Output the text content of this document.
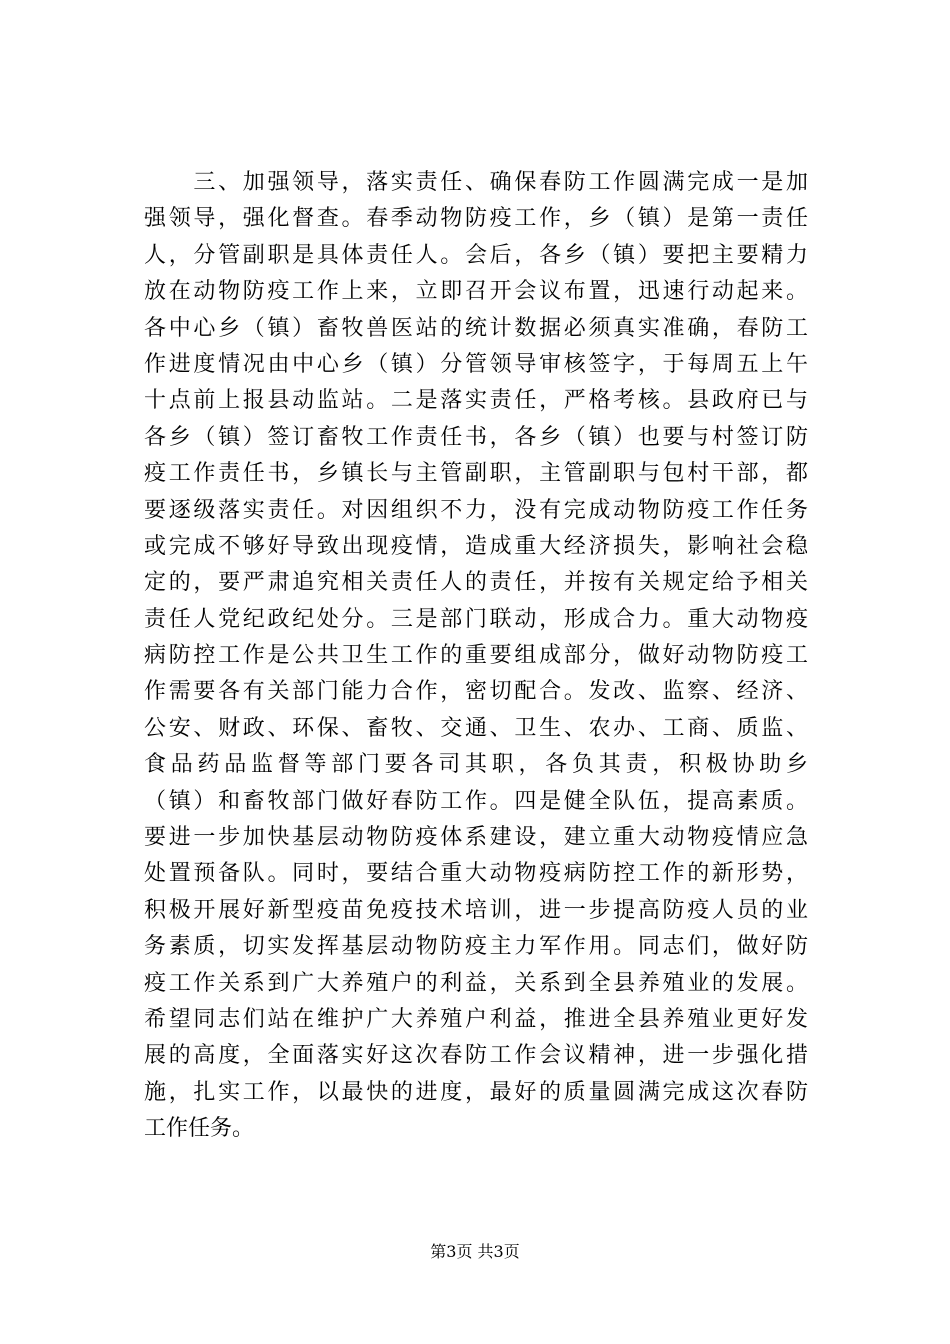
　　三、加强领导，落实责任、确保春防工作圆满完成一是加
强领导，强化督查。春季动物防疫工作，乡（镇）是第一责任
人，分管副职是具体责任人。会后，各乡（镇）要把主要精力
放在动物防疫工作上来，立即召开会议布置，迅速行动起来。
各中心乡（镇）畜牧兽医站的统计数据必须真实准确，春防工
作进度情况由中心乡（镇）分管领导审核签字，于每周五上午
十点前上报县动监站。二是落实责任，严格考核。县政府已与
各乡（镇）签订畜牧工作责任书，各乡（镇）也要与村签订防
疫工作责任书，乡镇长与主管副职，主管副职与包村干部，都
要逐级落实责任。对因组织不力，没有完成动物防疫工作任务
或完成不够好导致出现疫情，造成重大经济损失，影响社会稳
定的，要严肃追究相关责任人的责任，并按有关规定给予相关
责任人党纪政纪处分。三是部门联动，形成合力。重大动物疫
病防控工作是公共卫生工作的重要组成部分，做好动物防疫工
作需要各有关部门能力合作，密切配合。发改、监察、经济、
公安、财政、环保、畜牧、交通、卫生、农办、工商、质监、
食品药品监督等部门要各司其职，各负其责，积极协助乡
（镇）和畜牧部门做好春防工作。四是健全队伍，提高素质。
要进一步加快基层动物防疫体系建设，建立重大动物疫情应急
处置预备队。同时，要结合重大动物疫病防控工作的新形势，
积极开展好新型疫苗免疫技术培训，进一步提高防疫人员的业
务素质，切实发挥基层动物防疫主力军作用。同志们，做好防
疫工作关系到广大养殖户的利益，关系到全县养殖业的发展。
希望同志们站在维护广大养殖户利益，推进全县养殖业更好发
展的高度，全面落实好这次春防工作会议精神，进一步强化措
施，扎实工作，以最快的进度，最好的质量圆满完成这次春防
工作任务。
第3页 共3页
